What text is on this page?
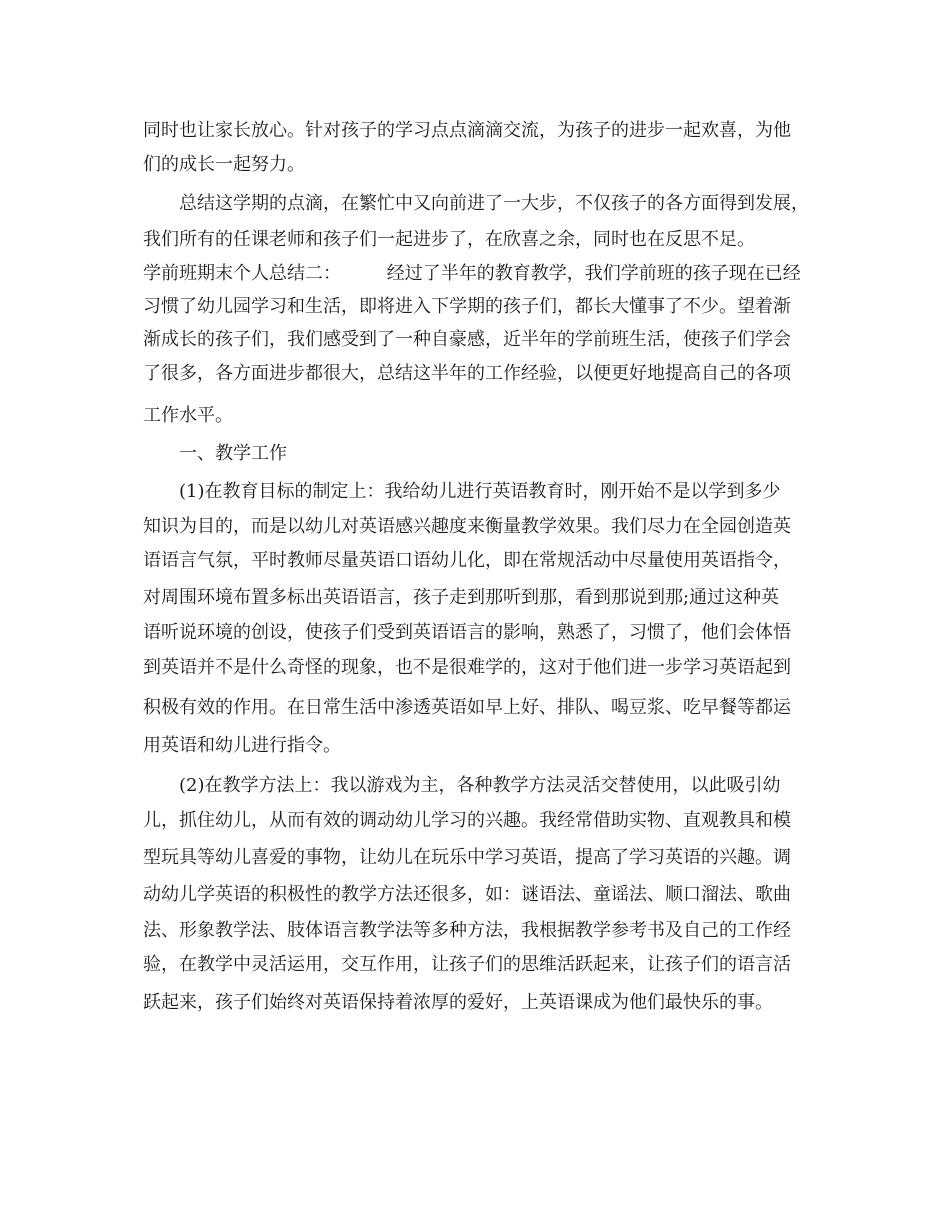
同时也让家长放心。针对孩子的学习点点滴滴交流，为孩子的进步一起欢喜，为他
们的成长一起努力。
总结这学期的点滴，在繁忙中又向前进了一大步，不仅孩子的各方面得到发展，
我们所有的任课老师和孩子们一起进步了，在欣喜之余，同时也在反思不足。
学前班期末个人总结二：        经过了半年的教育教学，我们学前班的孩子现在已经
习惯了幼儿园学习和生活，即将进入下学期的孩子们，都长大懂事了不少。望着渐
渐成长的孩子们，我们感受到了一种自豪感，近半年的学前班生活，使孩子们学会
了很多，各方面进步都很大，总结这半年的工作经验，以便更好地提高自己的各项
工作水平。
一、教学工作
(1)在教育目标的制定上：我给幼儿进行英语教育时，刚开始不是以学到多少
知识为目的，而是以幼儿对英语感兴趣度来衡量教学效果。我们尽力在全园创造英
语语言气氛，平时教师尽量英语口语幼儿化，即在常规活动中尽量使用英语指令，
对周围环境布置多标出英语语言，孩子走到那听到那，看到那说到那;通过这种英
语听说环境的创设，使孩子们受到英语语言的影响，熟悉了，习惯了，他们会体悟
到英语并不是什么奇怪的现象，也不是很难学的，这对于他们进一步学习英语起到
积极有效的作用。在日常生活中渗透英语如早上好、排队、喝豆浆、吃早餐等都运
用英语和幼儿进行指令。
(2)在教学方法上：我以游戏为主，各种教学方法灵活交替使用，以此吸引幼
儿，抓住幼儿，从而有效的调动幼儿学习的兴趣。我经常借助实物、直观教具和模
型玩具等幼儿喜爱的事物，让幼儿在玩乐中学习英语，提高了学习英语的兴趣。调
动幼儿学英语的积极性的教学方法还很多，如：谜语法、童谣法、顺口溜法、歌曲
法、形象教学法、肢体语言教学法等多种方法，我根据教学参考书及自己的工作经
验，在教学中灵活运用，交互作用，让孩子们的思维活跃起来，让孩子们的语言活
跃起来，孩子们始终对英语保持着浓厚的爱好，上英语课成为他们最快乐的事。
